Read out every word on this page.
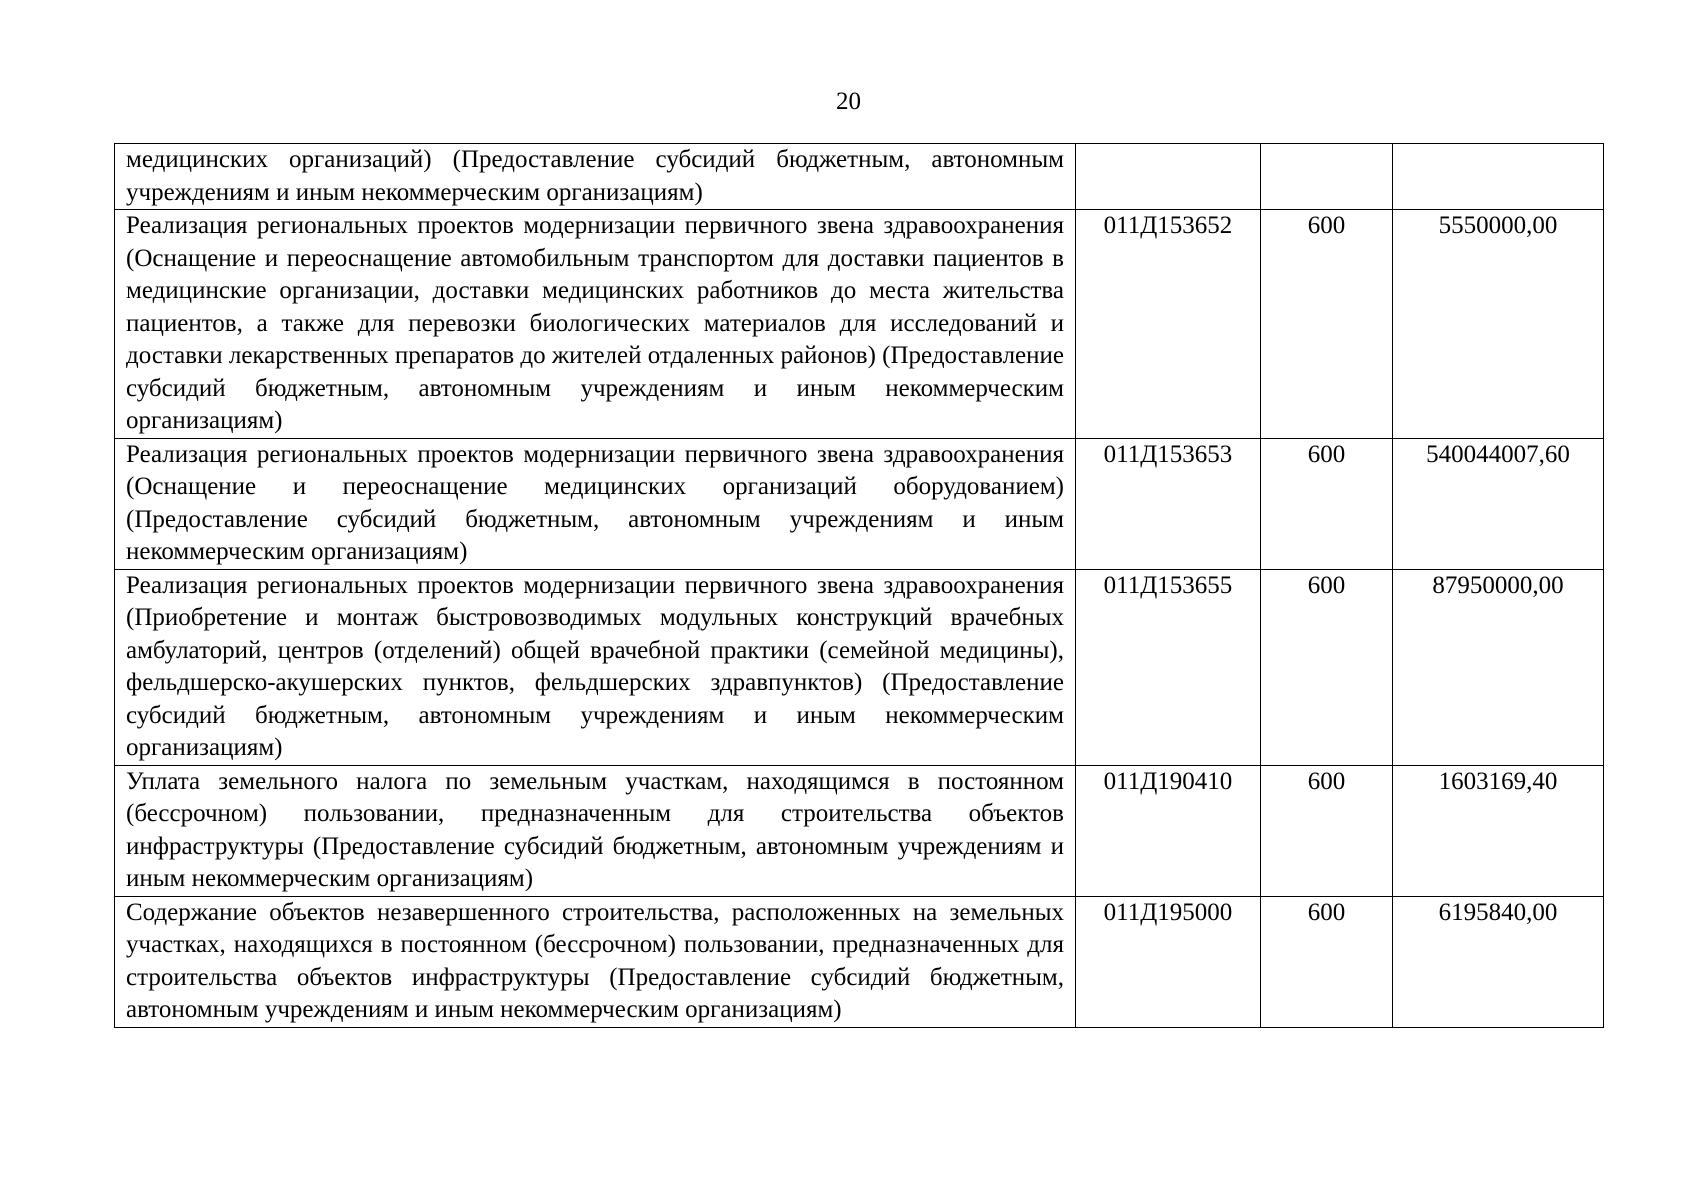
20
медицинских организаций) (Предоставление субсидий бюджетным, автономным учреждениям и иным некоммерческим организациям)			
Реализация региональных проектов модернизации первичного звена здравоохранения (Оснащение и переоснащение автомобильным транспортом для доставки пациентов в медицинские организации, доставки медицинских работников до места жительства пациентов, а также для перевозки биологических материалов для исследований и доставки лекарственных препаратов до жителей отдаленных районов) (Предоставление субсидий бюджетным, автономным учреждениям и иным некоммерческим организациям)	011Д153652	600	5550000,00
Реализация региональных проектов модернизации первичного звена здравоохранения (Оснащение и переоснащение медицинских организаций оборудованием) (Предоставление субсидий бюджетным, автономным учреждениям и иным некоммерческим организациям)	011Д153653	600	540044007,60
Реализация региональных проектов модернизации первичного звена здравоохранения (Приобретение и монтаж быстровозводимых модульных конструкций врачебных амбулаторий, центров (отделений) общей врачебной практики (семейной медицины), фельдшерско-акушерских пунктов, фельдшерских здравпунктов) (Предоставление субсидий бюджетным, автономным учреждениям и иным некоммерческим организациям)	011Д153655	600	87950000,00
Уплата земельного налога по земельным участкам, находящимся в постоянном (бессрочном) пользовании, предназначенным для строительства объектов инфраструктуры (Предоставление субсидий бюджетным, автономным учреждениям и иным некоммерческим организациям)	011Д190410	600	1603169,40
Содержание объектов незавершенного строительства, расположенных на земельных участках, находящихся в постоянном (бессрочном) пользовании, предназначенных для строительства объектов инфраструктуры (Предоставление субсидий бюджетным, автономным учреждениям и иным некоммерческим организациям)	011Д195000	600	6195840,00
